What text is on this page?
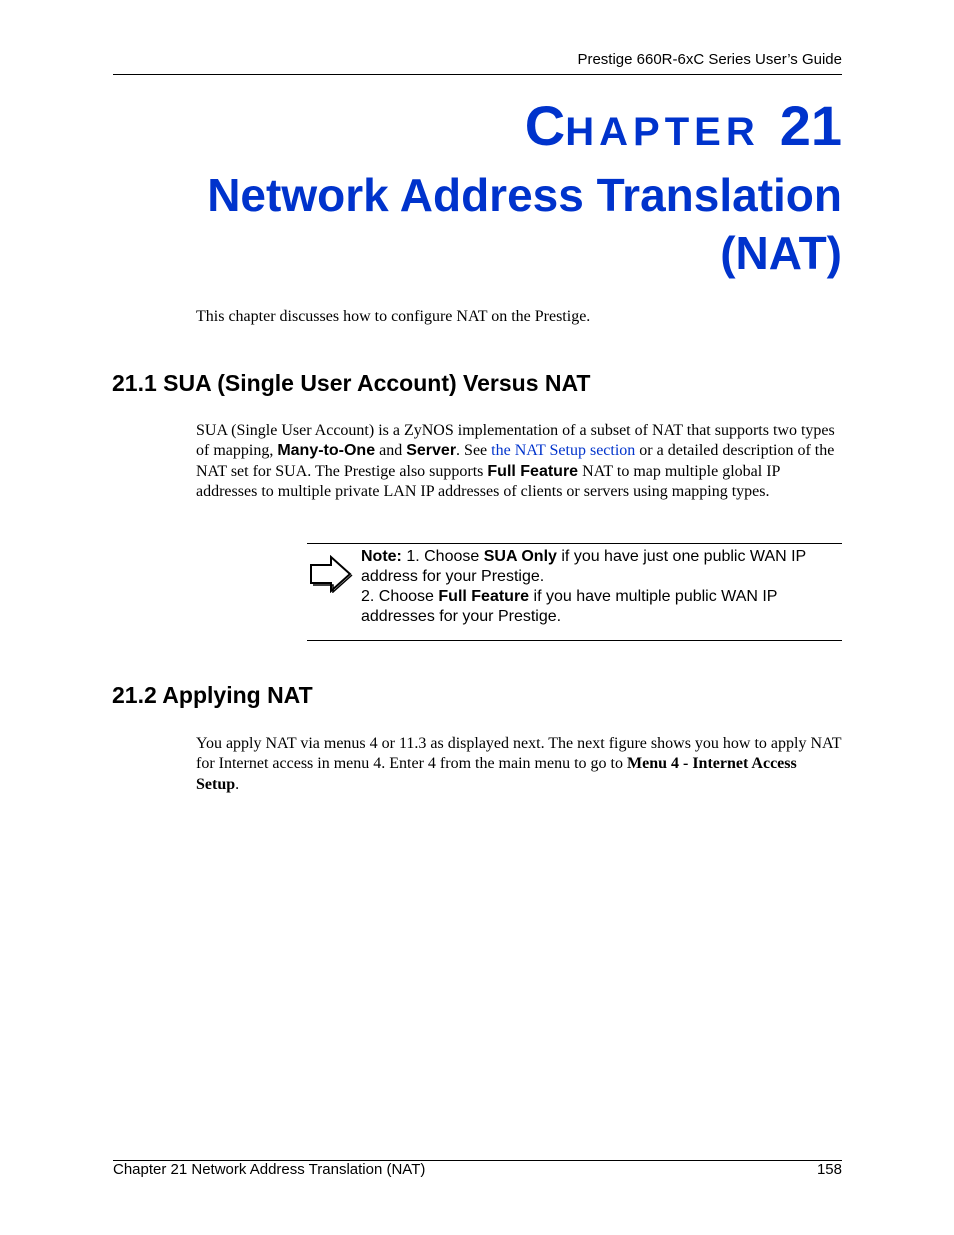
Prestige 660R-6xC Series User’s Guide
CHAPTER 21
Network Address Translation
(NAT)
This chapter discusses how to configure NAT on the Prestige.
21.1 SUA (Single User Account) Versus NAT
SUA (Single User Account) is a ZyNOS implementation of a subset of NAT that supports two types of mapping, Many-to-One and Server. See the NAT Setup section or a detailed description of the NAT set for SUA. The Prestige also supports Full Feature NAT to map multiple global IP addresses to multiple private LAN IP addresses of clients or servers using mapping types.
Note: 1. Choose SUA Only if you have just one public WAN IP address for your Prestige.
2. Choose Full Feature if you have multiple public WAN IP addresses for your Prestige.
21.2 Applying NAT
You apply NAT via menus 4 or 11.3 as displayed next. The next figure shows you how to apply NAT for Internet access in menu 4. Enter 4 from the main menu to go to Menu 4 - Internet Access Setup.
Chapter 21 Network Address Translation (NAT)	158
